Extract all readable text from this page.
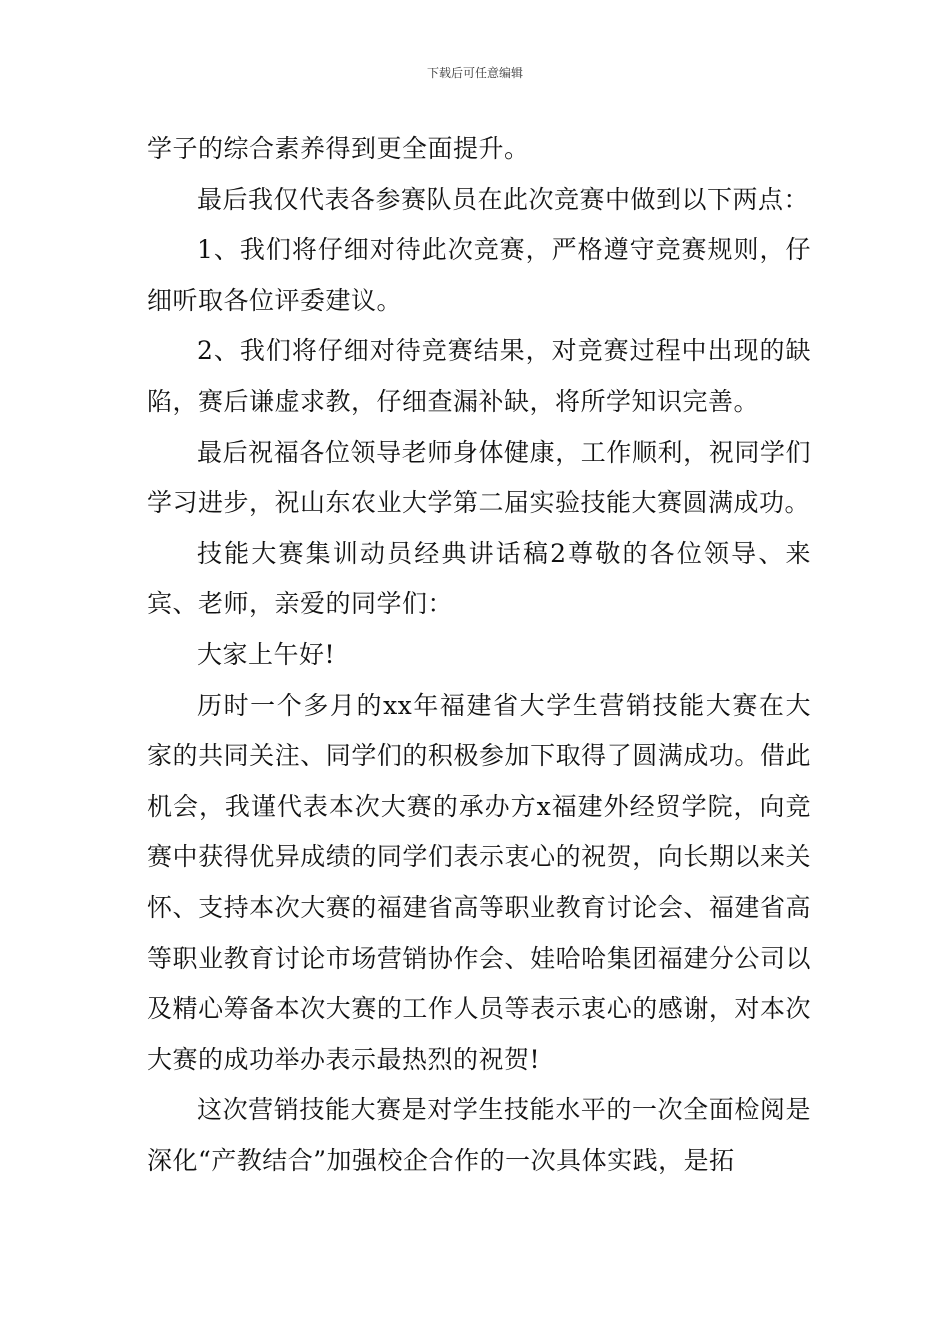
下载后可任意编辑

学子的综合素养得到更全面提升。

最后我仅代表各参赛队员在此次竞赛中做到以下两点：

1、我们将仔细对待此次竞赛，严格遵守竞赛规则，仔细听取各位评委建议。

2、我们将仔细对待竞赛结果，对竞赛过程中出现的缺陷，赛后谦虚求教，仔细查漏补缺，将所学知识完善。

最后祝福各位领导老师身体健康，工作顺利，祝同学们学习进步，祝山东农业大学第二届实验技能大赛圆满成功。

技能大赛集训动员经典讲话稿2尊敬的各位领导、来宾、老师，亲爱的同学们：

大家上午好!

历时一个多月的xx年福建省大学生营销技能大赛在大家的共同关注、同学们的积极参加下取得了圆满成功。借此机会，我谨代表本次大赛的承办方x福建外经贸学院，向竞赛中获得优异成绩的同学们表示衷心的祝贺，向长期以来关怀、支持本次大赛的福建省高等职业教育讨论会、福建省高等职业教育讨论市场营销协作会、娃哈哈集团福建分公司以及精心筹备本次大赛的工作人员等表示衷心的感谢，对本次大赛的成功举办表示最热烈的祝贺!

这次营销技能大赛是对学生技能水平的一次全面检阅是深化“产教结合”加强校企合作的一次具体实践，是拓
